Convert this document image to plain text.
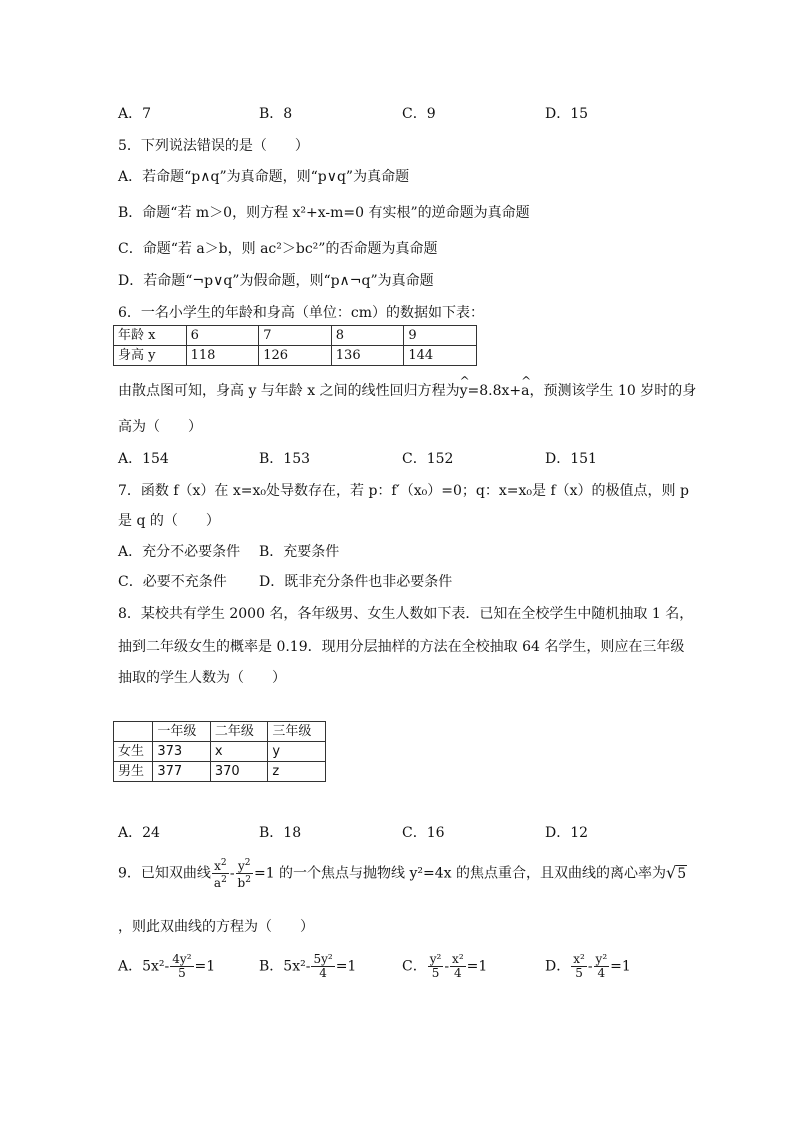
A．7	B．8	C．9	D．15
5．下列说法错误的是（　　）
A．若命题“p∧q”为真命题，则“p∨q”为真命题
B．命题“若 m＞0，则方程 x²+x-m=0 有实根”的逆命题为真命题
C．命题“若 a＞b，则 ac²＞bc²”的否命题为真命题
D．若命题“¬p∨q”为假命题，则“p∧¬q”为真命题
6．一名小学生的年龄和身高（单位：cm）的数据如下表：
年龄 x	6	7	8	9
身高 y	118	126	136	144
由散点图可知，身高 y 与年龄 x 之间的线性回归方程为^ y=8.8x+^ a，预测该学生 10 岁时的身
高为（　　）
A．154	B．153	C．152	D．151
7．函数 f（x）在 x=x₀处导数存在，若 p：f′（x₀）=0；q：x=x₀是 f（x）的极值点，则 p
是 q 的（　　）
A．充分不必要条件 B．充要条件
C．必要不充条件 D．既非充分条件也非必要条件
8．某校共有学生 2000 名，各年级男、女生人数如下表．已知在全校学生中随机抽取 1 名，
抽到二年级女生的概率是 0.19．现用分层抽样的方法在全校抽取 64 名学生，则应在三年级
抽取的学生人数为（　　）
	一年级	二年级	三年级
女生	373	x	y
男生	377	370	z
A．24	B．18	C．16	D．12
9．已知双曲线 $\frac{x^2}{a^2} - \frac{y^2}{b^2} =1$ 的一个焦点与抛物线 y²=4x 的焦点重合，且双曲线的离心率为√5
，则此双曲线的方程为（　　）
A．$5x^2- \frac{\text{4y²}}{5} =1$	B．$5x^2- \frac{\text{5y²}}{4} =1$	C． $\frac{\text{y²}}{5} - \frac{\text{x²}}{4} =1$	D． $\frac{\text{x²}}{5} - \frac{\text{y²}}{4} =1$
